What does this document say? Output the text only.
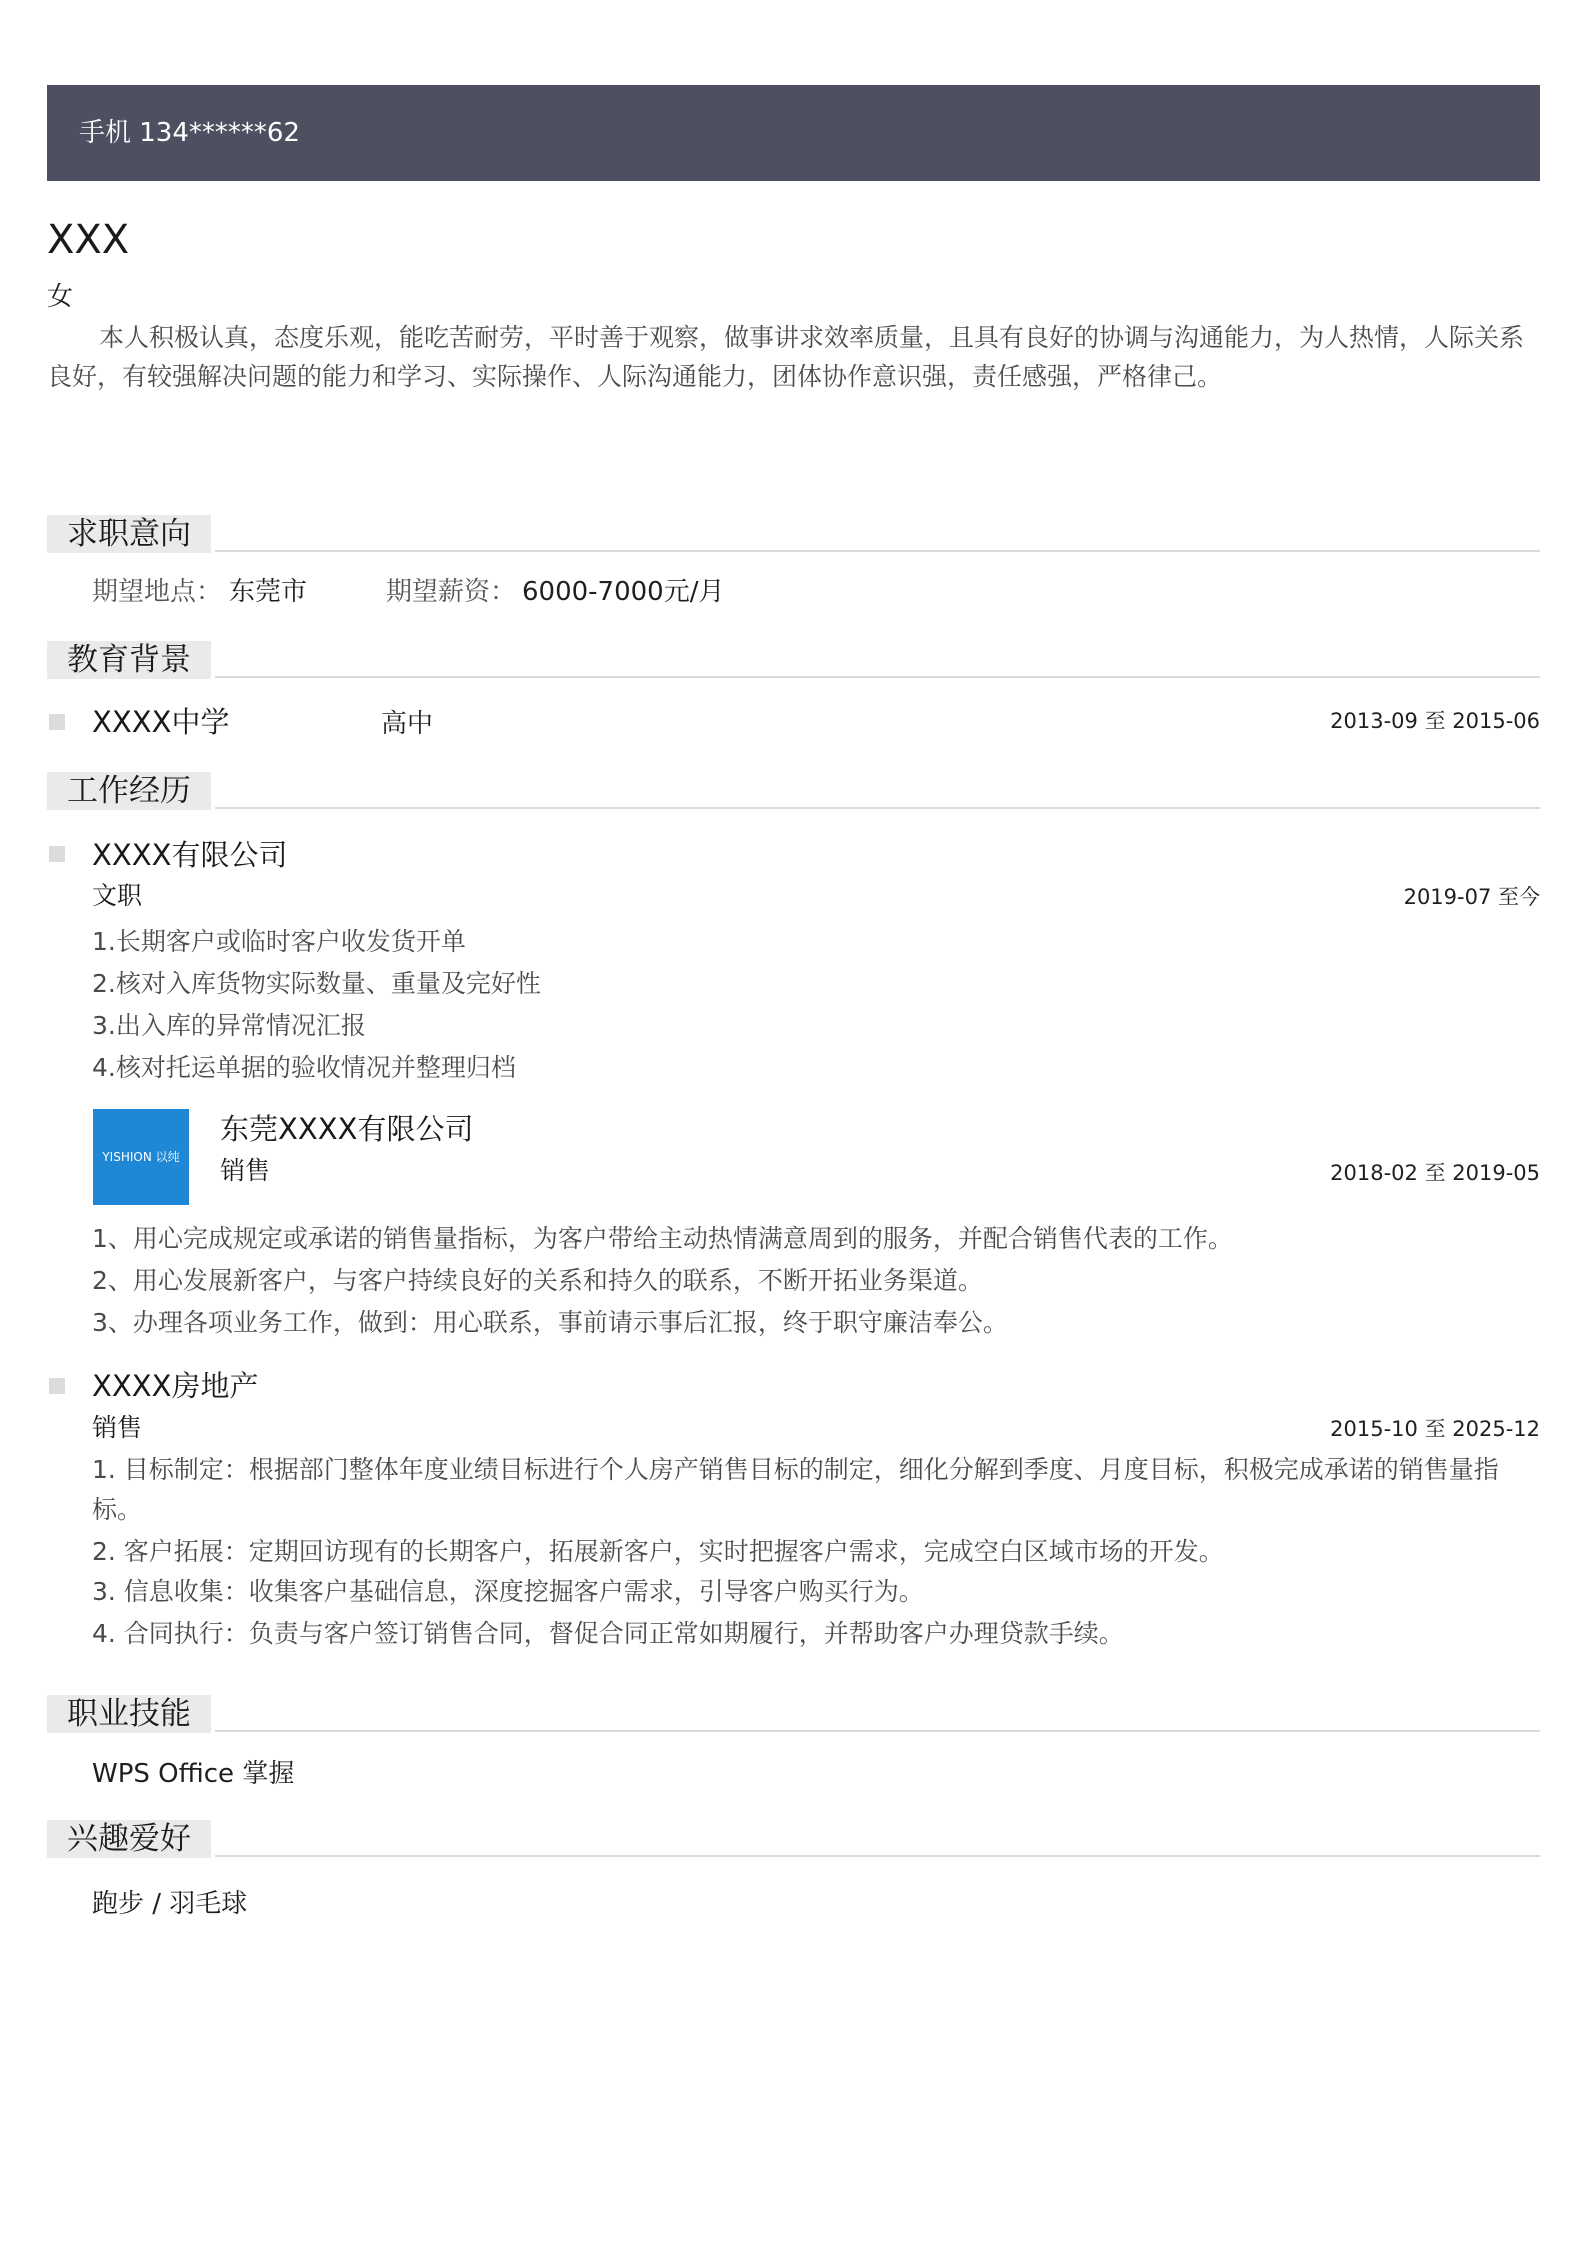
手机 134******62
XXX
女
本人积极认真，态度乐观，能吃苦耐劳，平时善于观察，做事讲求效率质量，且具有良好的协调与沟通能力，为人热情，人际关系良好，有较强解决问题的能力和学习、实际操作、人际沟通能力，团体协作意识强，责任感强，严格律己。
求职意向
期望地点： 东莞市	期望薪资： 6000-7000元/月
教育背景
XXXX中学	高中	2013-09 至 2015-06
工作经历
XXXX有限公司
文职	2019-07 至今
1.长期客户或临时客户收发货开单
2.核对入库货物实际数量、重量及完好性
3.出入库的异常情况汇报
4.核对托运单据的验收情况并整理归档
YISHION 以纯
东莞XXXX有限公司
销售	2018-02 至 2019-05
1、用心完成规定或承诺的销售量指标，为客户带给主动热情满意周到的服务，并配合销售代表的工作。
2、用心发展新客户，与客户持续良好的关系和持久的联系，不断开拓业务渠道。
3、办理各项业务工作，做到：用心联系，事前请示事后汇报，终于职守廉洁奉公。
XXXX房地产
销售	2015-10 至 2025-12
1. 目标制定：根据部门整体年度业绩目标进行个人房产销售目标的制定，细化分解到季度、月度目标，积极完成承诺的销售量指标。
2. 客户拓展：定期回访现有的长期客户，拓展新客户，实时把握客户需求，完成空白区域市场的开发。
3. 信息收集：收集客户基础信息，深度挖掘客户需求，引导客户购买行为。
4. 合同执行：负责与客户签订销售合同，督促合同正常如期履行，并帮助客户办理贷款手续。
职业技能
WPS Office 掌握
兴趣爱好
跑步 / 羽毛球
